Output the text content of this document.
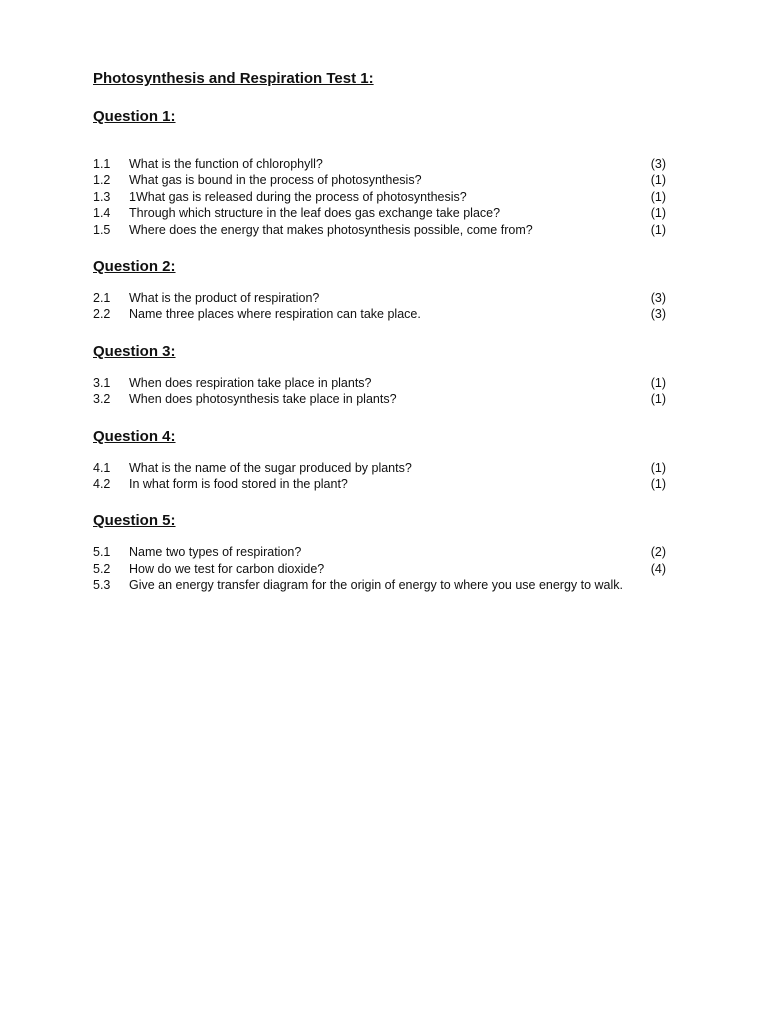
Photosynthesis and Respiration Test 1:
Question 1:
1.1	What is the function of chlorophyll?	(3)
1.2	What gas is bound in the process of photosynthesis?	(1)
1.3	1What gas is released during the process of photosynthesis?	(1)
1.4	Through which structure in the leaf does gas exchange take place?	(1)
1.5	Where does the energy that makes photosynthesis possible, come from?	(1)
Question 2:
2.1	What is the product of respiration?	(3)
2.2	Name three places where respiration can take place.	(3)
Question 3:
3.1	When does respiration take place in plants?	(1)
3.2	When does photosynthesis take place in plants?	(1)
Question 4:
4.1	What is the name of the sugar produced by plants?	(1)
4.2	In what form is food stored in the plant?	(1)
Question 5:
5.1	Name two types of respiration?	(2)
5.2	How do we test for carbon dioxide?	(4)
5.3	Give an energy transfer diagram for the origin of energy to where you use energy to walk.
